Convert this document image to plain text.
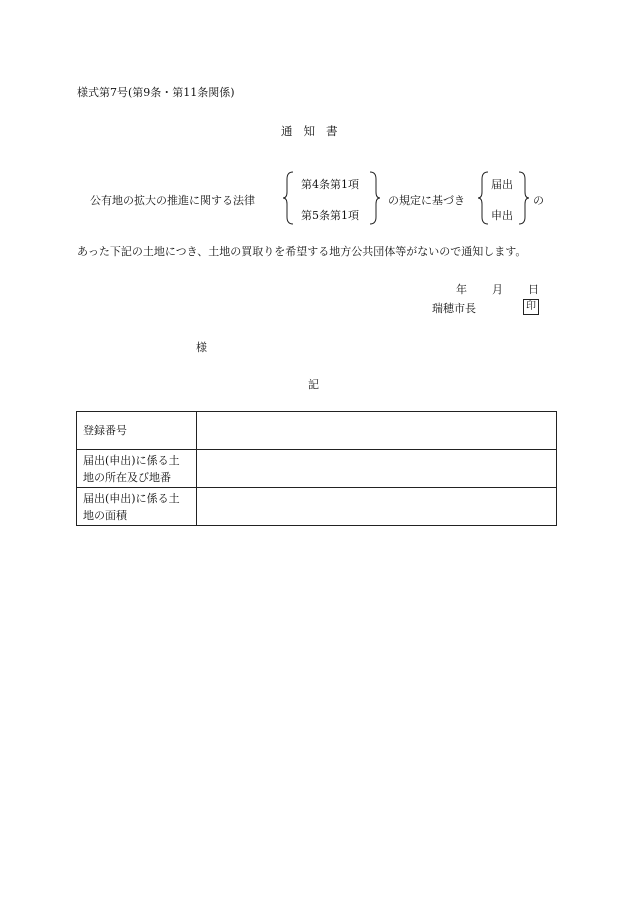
様式第7号(第9条・第11条関係)
通知書
公有地の拡大の推進に関する法律
第4条第1項
第5条第1項
の規定に基づき
届出
申出
の
あった下記の土地につき、土地の買取りを希望する地方公共団体等がないので通知します。
年 月 日
瑞穂市長	印
様
記
登録番号	
届出(申出)に係る土地の所在及び地番	
届出(申出)に係る土地の面積	
